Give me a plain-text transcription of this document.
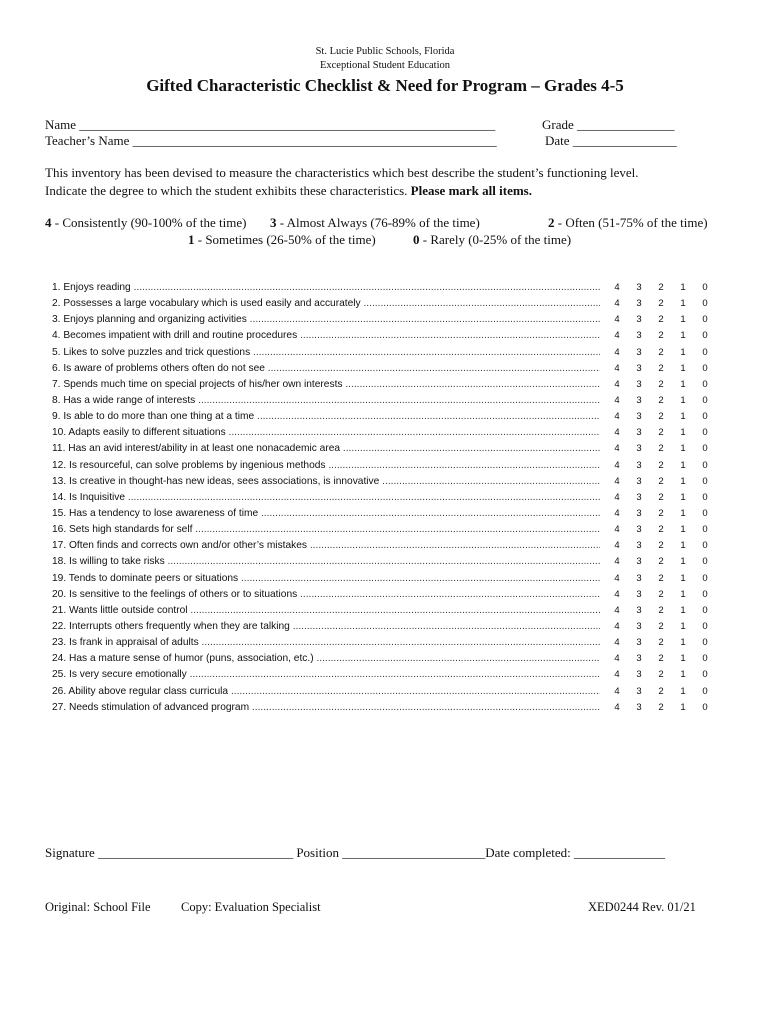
St. Lucie Public Schools, Florida
Exceptional Student Education
Gifted Characteristic Checklist & Need for Program – Grades 4-5
Name ________________________________________________________________	Grade _______________
Teacher’s Name ________________________________________________________	Date ________________
This inventory has been devised to measure the characteristics which best describe the student’s functioning level.
Indicate the degree to which the student exhibits these characteristics. Please mark all items.
4 - Consistently (90-100% of the time) 3 - Almost Always (76-89% of the time)	2 - Often (51-75% of the time)
1 - Sometimes (26-50% of the time)	0 - Rarely (0-25% of the time)
1. Enjoys reading .....	4 3 2 1 0
2. Possesses a large vocabulary which is used easily and accurately .....	4 3 2 1 0
3. Enjoys planning and organizing activities .....	4 3 2 1 0
4. Becomes impatient with drill and routine procedures .....	4 3 2 1 0
5. Likes to solve puzzles and trick questions .....	4 3 2 1 0
6. Is aware of problems others often do not see .....	4 3 2 1 0
7. Spends much time on special projects of his/her own interests .....	4 3 2 1 0
8. Has a wide range of interests .....	4 3 2 1 0
9. Is able to do more than one thing at a time .....	4 3 2 1 0
10. Adapts easily to different situations .....	4 3 2 1 0
11. Has an avid interest/ability in at least one nonacademic area .....	4 3 2 1 0
12. Is resourceful, can solve problems by ingenious methods .....	4 3 2 1 0
13. Is creative in thought-has new ideas, sees associations, is innovative .....	4 3 2 1 0
14. Is Inquisitive .....	4 3 2 1 0
15. Has a tendency to lose awareness of time .....	4 3 2 1 0
16. Sets high standards for self .....	4 3 2 1 0
17. Often finds and corrects own and/or other’s mistakes .....	4 3 2 1 0
18. Is willing to take risks .....	4 3 2 1 0
19. Tends to dominate peers or situations .....	4 3 2 1 0
20. Is sensitive to the feelings of others or to situations .....	4 3 2 1 0
21. Wants little outside control .....	4 3 2 1 0
22. Interrupts others frequently when they are talking .....	4 3 2 1 0
23. Is frank in appraisal of adults .....	4 3 2 1 0
24. Has a mature sense of humor (puns, association, etc.) .....	4 3 2 1 0
25. Is very secure emotionally .....	4 3 2 1 0
26. Ability above regular class curricula .....	4 3 2 1 0
27. Needs stimulation of advanced program .....	4 3 2 1 0
Signature ______________________________ Position ______________________Date completed: ______________
Original: School File Copy: Evaluation Specialist	XED0244 Rev. 01/21
